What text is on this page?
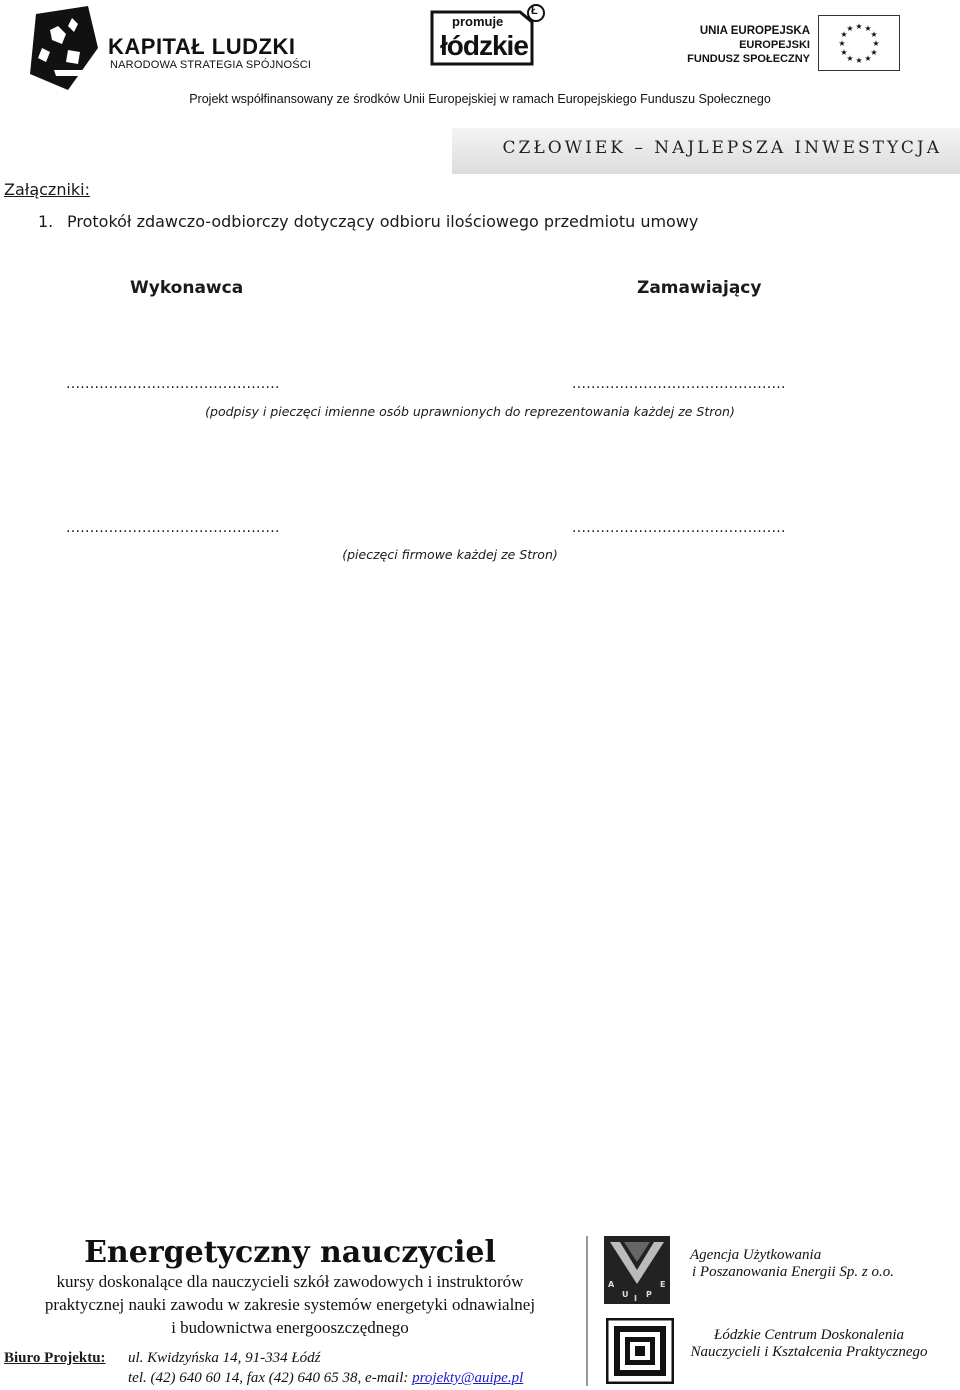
KAPITAŁ LUDZKI
NARODOWA STRATEGIA SPÓJNOŚCI
promuje
łódzkie
Ł
UNIA EUROPEJSKA
EUROPEJSKI
FUNDUSZ SPOŁECZNY
★ ★
★
★
★
★
★
★
★
★
★
★
Projekt współfinansowany ze środków Unii Europejskiej w ramach Europejskiego Funduszu Społecznego
CZŁOWIEK – NAJLEPSZA INWESTYCJA
Załączniki:
1. Protokół zdawczo-odbiorczy dotyczący odbioru ilościowego przedmiotu umowy
Wykonawca	Zamawiający
.............................................	.............................................
(podpisy i pieczęci imienne osób uprawnionych do reprezentowania każdej ze Stron)
.............................................	.............................................
(pieczęci firmowe każdej ze Stron)
Energetyczny nauczyciel
kursy doskonalące dla nauczycieli szkół zawodowych i instruktorów
praktycznej nauki zawodu w zakresie systemów energetyki odnawialnej
i budownictwa energooszczędnego
Biuro Projektu: ul. Kwidzyńska 14, 91-334 Łódź
tel. (42) 640 60 14, fax (42) 640 65 38, e-mail: projekty@auipe.pl
A
U I P
E
Agencja Użytkowania
i Poszanowania Energii Sp. z o.o.
Łódzkie Centrum Doskonalenia
Nauczycieli i Kształcenia Praktycznego
